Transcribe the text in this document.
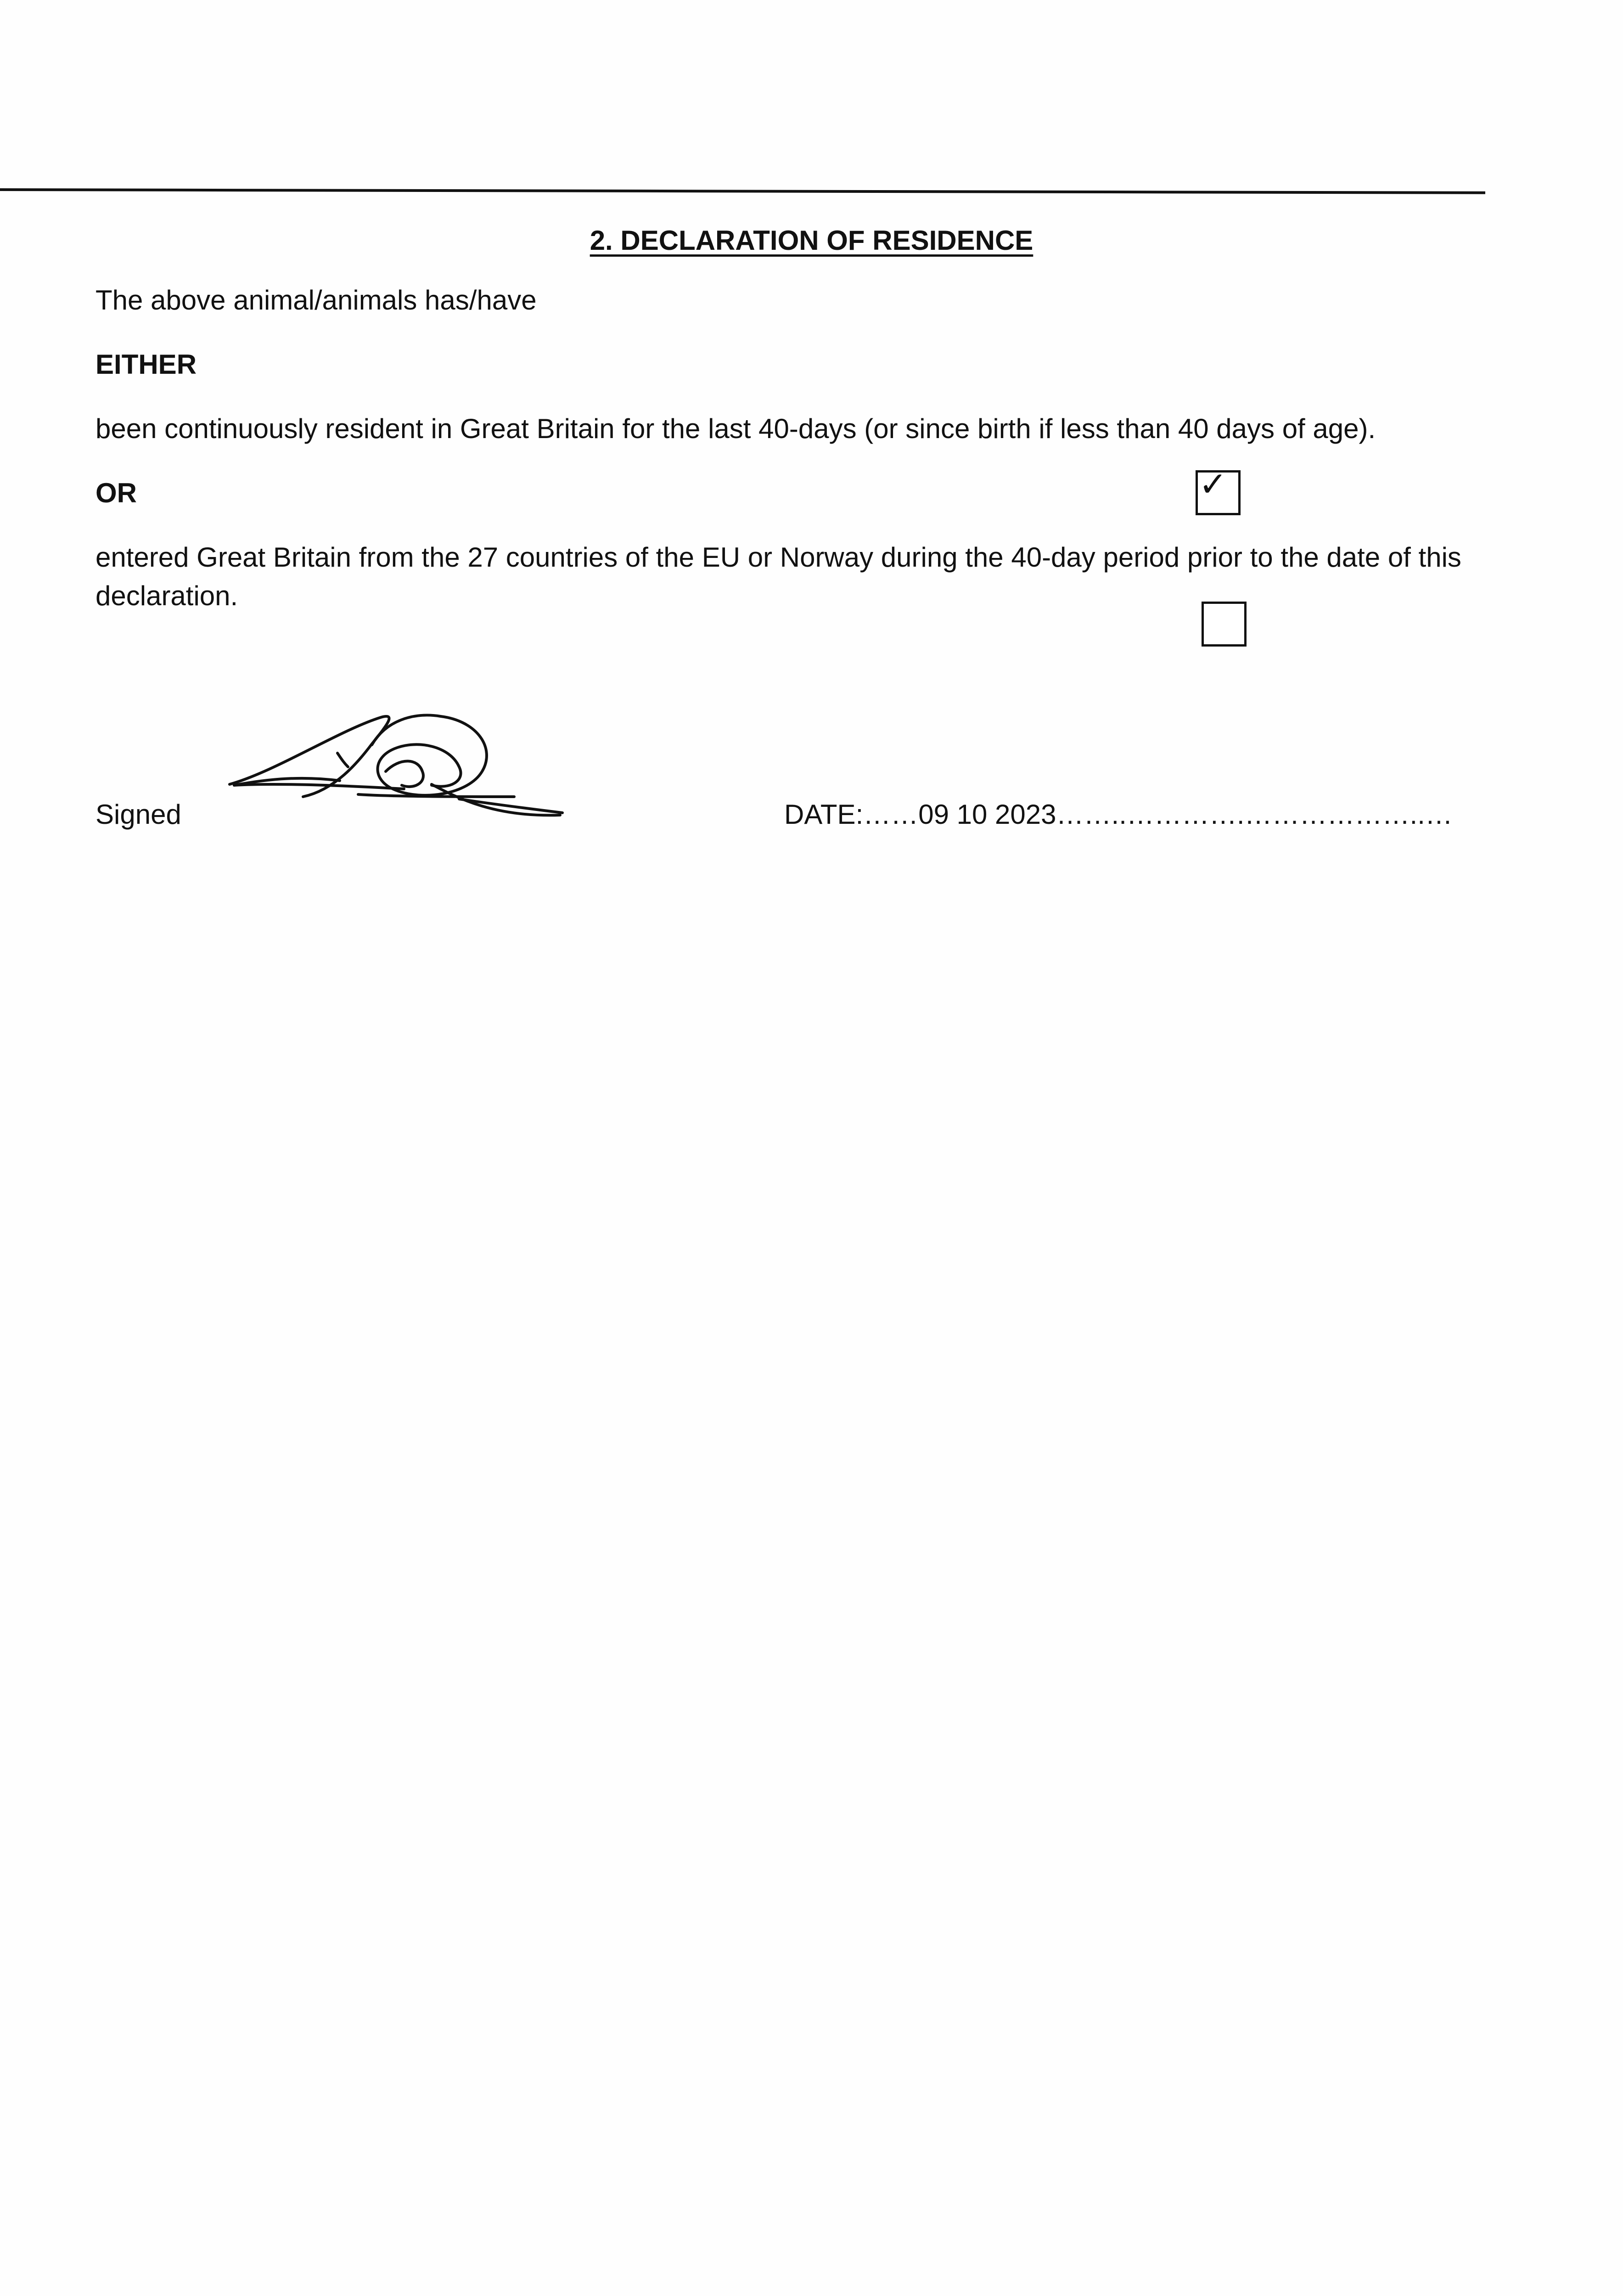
2. DECLARATION OF RESIDENCE
The above animal/animals has/have
EITHER
been continuously resident in Great Britain for the last 40-days (or since birth if less than 40 days of age).
OR	✓
entered Great Britain from the 27 countries of the EU or Norway during the 40-day period prior to the date of this declaration.
Signed	DATE:……09 10 2023……..………….………………..…
